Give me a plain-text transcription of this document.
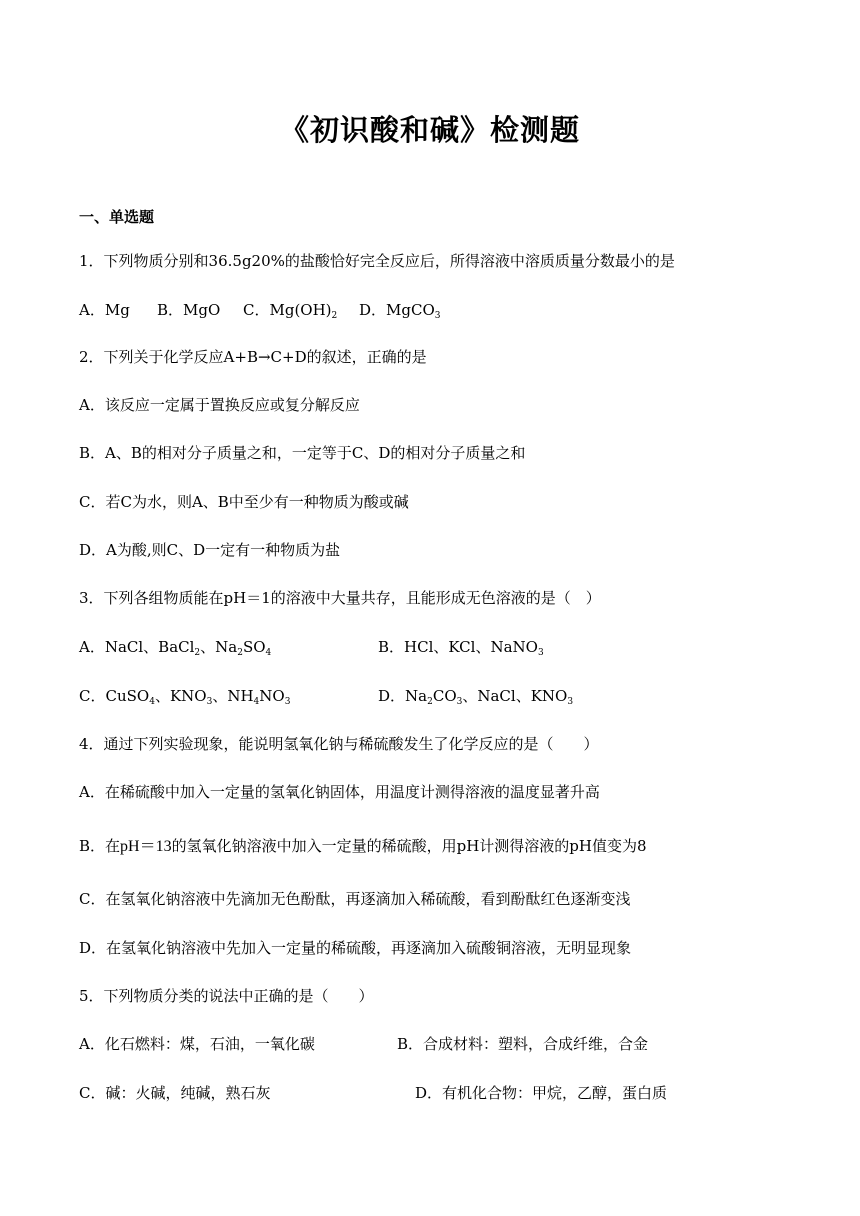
《初识酸和碱》检测题
一、单选题
1．下列物质分别和36.5g20%的盐酸恰好完全反应后，所得溶液中溶质质量分数最小的是
A．Mg B．MgO C．$Mg(OH)_2$ D．MgCO$_3$
2．下列关于化学反应A+B→C+D的叙述，正确的是
A．该反应一定属于置换反应或复分解反应
B．A、B的相对分子质量之和，一定等于C、D的相对分子质量之和
C．若C为水，则A、B中至少有一种物质为酸或碱
D．A为酸,则C、D一定有一种物质为盐
3．下列各组物质能在pH＝1的溶液中大量共存，且能形成无色溶液的是（　）
A．NaCl、BaCl$_2$、$Na_2SO_4$	B．HCl、KCl、NaNO$_3$
C．CuSO$_4$、$KNO_3$、$NH_4NO_3$	D．$Na_2CO_3$、NaCl、$KNO_3$
4．通过下列实验现象，能说明氢氧化钠与稀硫酸发生了化学反应的是（　　）
A．在稀硫酸中加入一定量的氢氧化钠固体，用温度计测得溶液的温度显著升高
B．在pH＝13的氢氧化钠溶液中加入一定量的稀硫酸，用pH计测得溶液的pH值变为8
C．在氢氧化钠溶液中先滴加无色酚酞，再逐滴加入稀硫酸，看到酚酞红色逐渐变浅
D．在氢氧化钠溶液中先加入一定量的稀硫酸，再逐滴加入硫酸铜溶液，无明显现象
5．下列物质分类的说法中正确的是（　　）
A．化石燃料：煤，石油，一氧化碳	B．合成材料：塑料，合成纤维，合金
C．碱：火碱，纯碱，熟石灰	D．有机化合物：甲烷，乙醇，蛋白质
